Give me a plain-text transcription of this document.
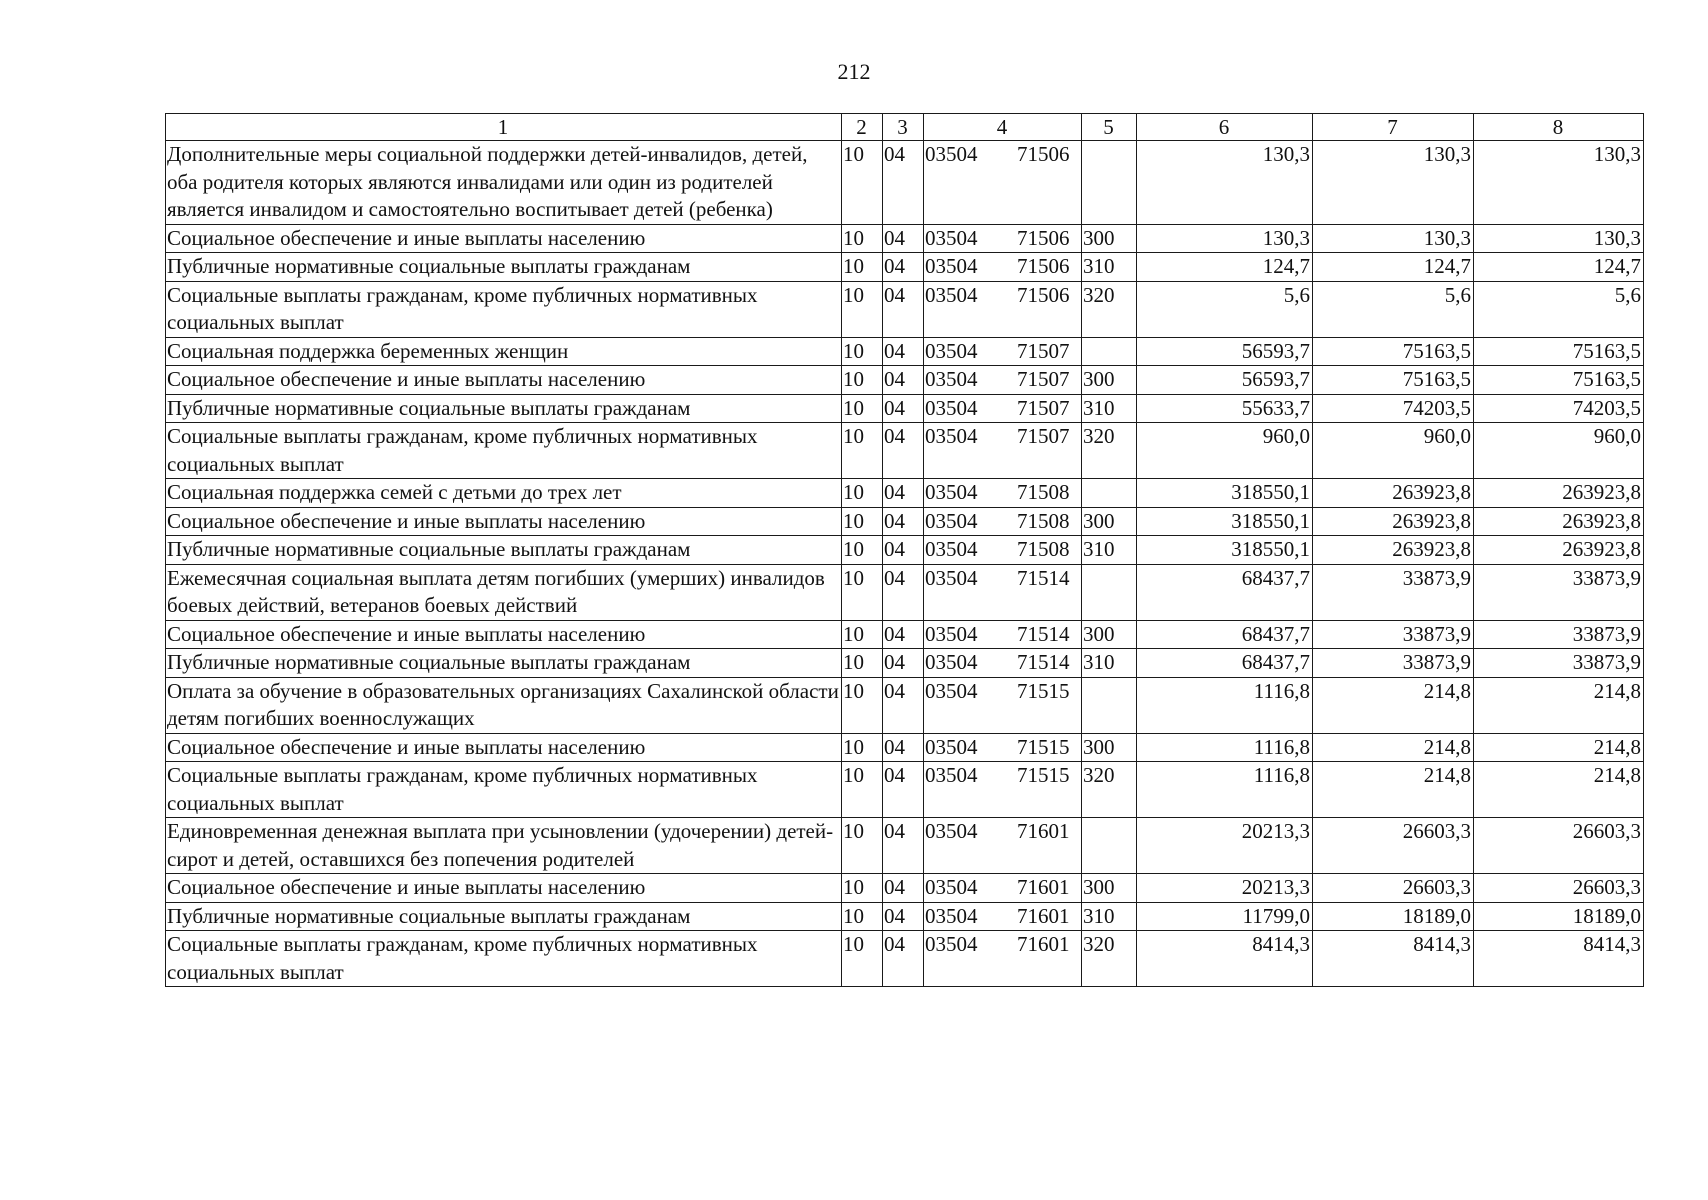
212
1	2	3	4	5	6	7	8
Дополнительные меры социальной поддержки детей-инвалидов, детей, оба родителя которых являются инвалидами или один из родителей является инвалидом и самостоятельно воспитывает детей (ребенка)	10	04	03504 71506		130,3	130,3	130,3
Социальное обеспечение и иные выплаты населению	10	04	03504 71506	300	130,3	130,3	130,3
Публичные нормативные социальные выплаты гражданам	10	04	03504 71506	310	124,7	124,7	124,7
Социальные выплаты гражданам, кроме публичных нормативных социальных выплат	10	04	03504 71506	320	5,6	5,6	5,6
Социальная поддержка беременных женщин	10	04	03504 71507		56593,7	75163,5	75163,5
Социальное обеспечение и иные выплаты населению	10	04	03504 71507	300	56593,7	75163,5	75163,5
Публичные нормативные социальные выплаты гражданам	10	04	03504 71507	310	55633,7	74203,5	74203,5
Социальные выплаты гражданам, кроме публичных нормативных социальных выплат	10	04	03504 71507	320	960,0	960,0	960,0
Социальная поддержка семей с детьми до трех лет	10	04	03504 71508		318550,1	263923,8	263923,8
Социальное обеспечение и иные выплаты населению	10	04	03504 71508	300	318550,1	263923,8	263923,8
Публичные нормативные социальные выплаты гражданам	10	04	03504 71508	310	318550,1	263923,8	263923,8
Ежемесячная социальная выплата детям погибших (умерших) инвалидов боевых действий, ветеранов боевых действий	10	04	03504 71514		68437,7	33873,9	33873,9
Социальное обеспечение и иные выплаты населению	10	04	03504 71514	300	68437,7	33873,9	33873,9
Публичные нормативные социальные выплаты гражданам	10	04	03504 71514	310	68437,7	33873,9	33873,9
Оплата за обучение в образовательных организациях Сахалинской области детям погибших военнослужащих	10	04	03504 71515		1116,8	214,8	214,8
Социальное обеспечение и иные выплаты населению	10	04	03504 71515	300	1116,8	214,8	214,8
Социальные выплаты гражданам, кроме публичных нормативных социальных выплат	10	04	03504 71515	320	1116,8	214,8	214,8
Единовременная денежная выплата при усыновлении (удочерении) детей-сирот и детей, оставшихся без попечения родителей	10	04	03504 71601		20213,3	26603,3	26603,3
Социальное обеспечение и иные выплаты населению	10	04	03504 71601	300	20213,3	26603,3	26603,3
Публичные нормативные социальные выплаты гражданам	10	04	03504 71601	310	11799,0	18189,0	18189,0
Социальные выплаты гражданам, кроме публичных нормативных социальных выплат	10	04	03504 71601	320	8414,3	8414,3	8414,3
